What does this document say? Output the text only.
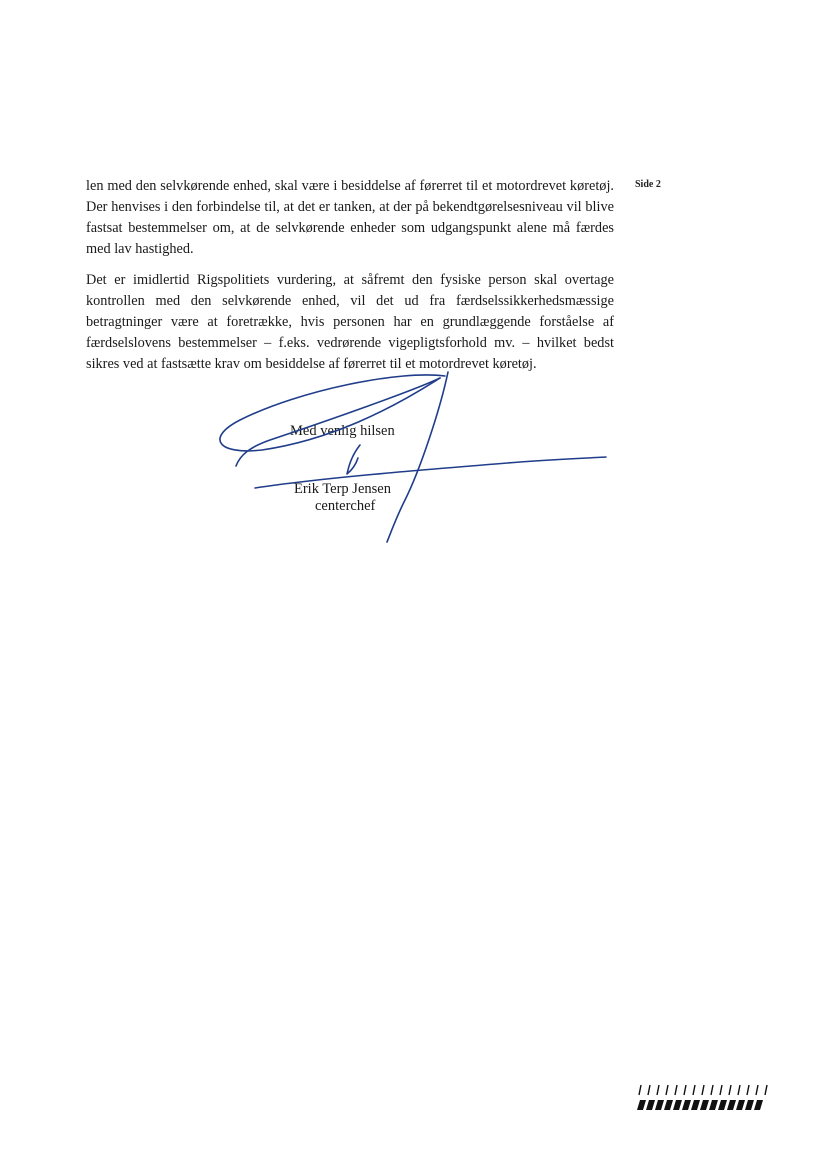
len med den selvkørende enhed, skal være i besiddelse af førerret til et motordrevet køretøj. Der henvises i den forbindelse til, at det er tanken, at der på bekendtgørelsesniveau vil blive fastsat bestemmelser om, at de selvkørende enheder som udgangspunkt alene må færdes med lav hastighed.

Side 2

Det er imidlertid Rigspolitiets vurdering, at såfremt den fysiske person skal overtage kontrollen med den selvkørende enhed, vil det ud fra færdselssikkerhedsmæssige betragtninger være at foretrække, hvis personen har en grundlæggende forståelse af færdselslovens bestemmelser – f.eks. vedrørende vigepligtsforhold mv. – hvilket bedst sikres ved at fastsætte krav om besiddelse af førerret til et motordrevet køretøj.

Med venlig hilsen
Erik Terp Jensen
centerchef
